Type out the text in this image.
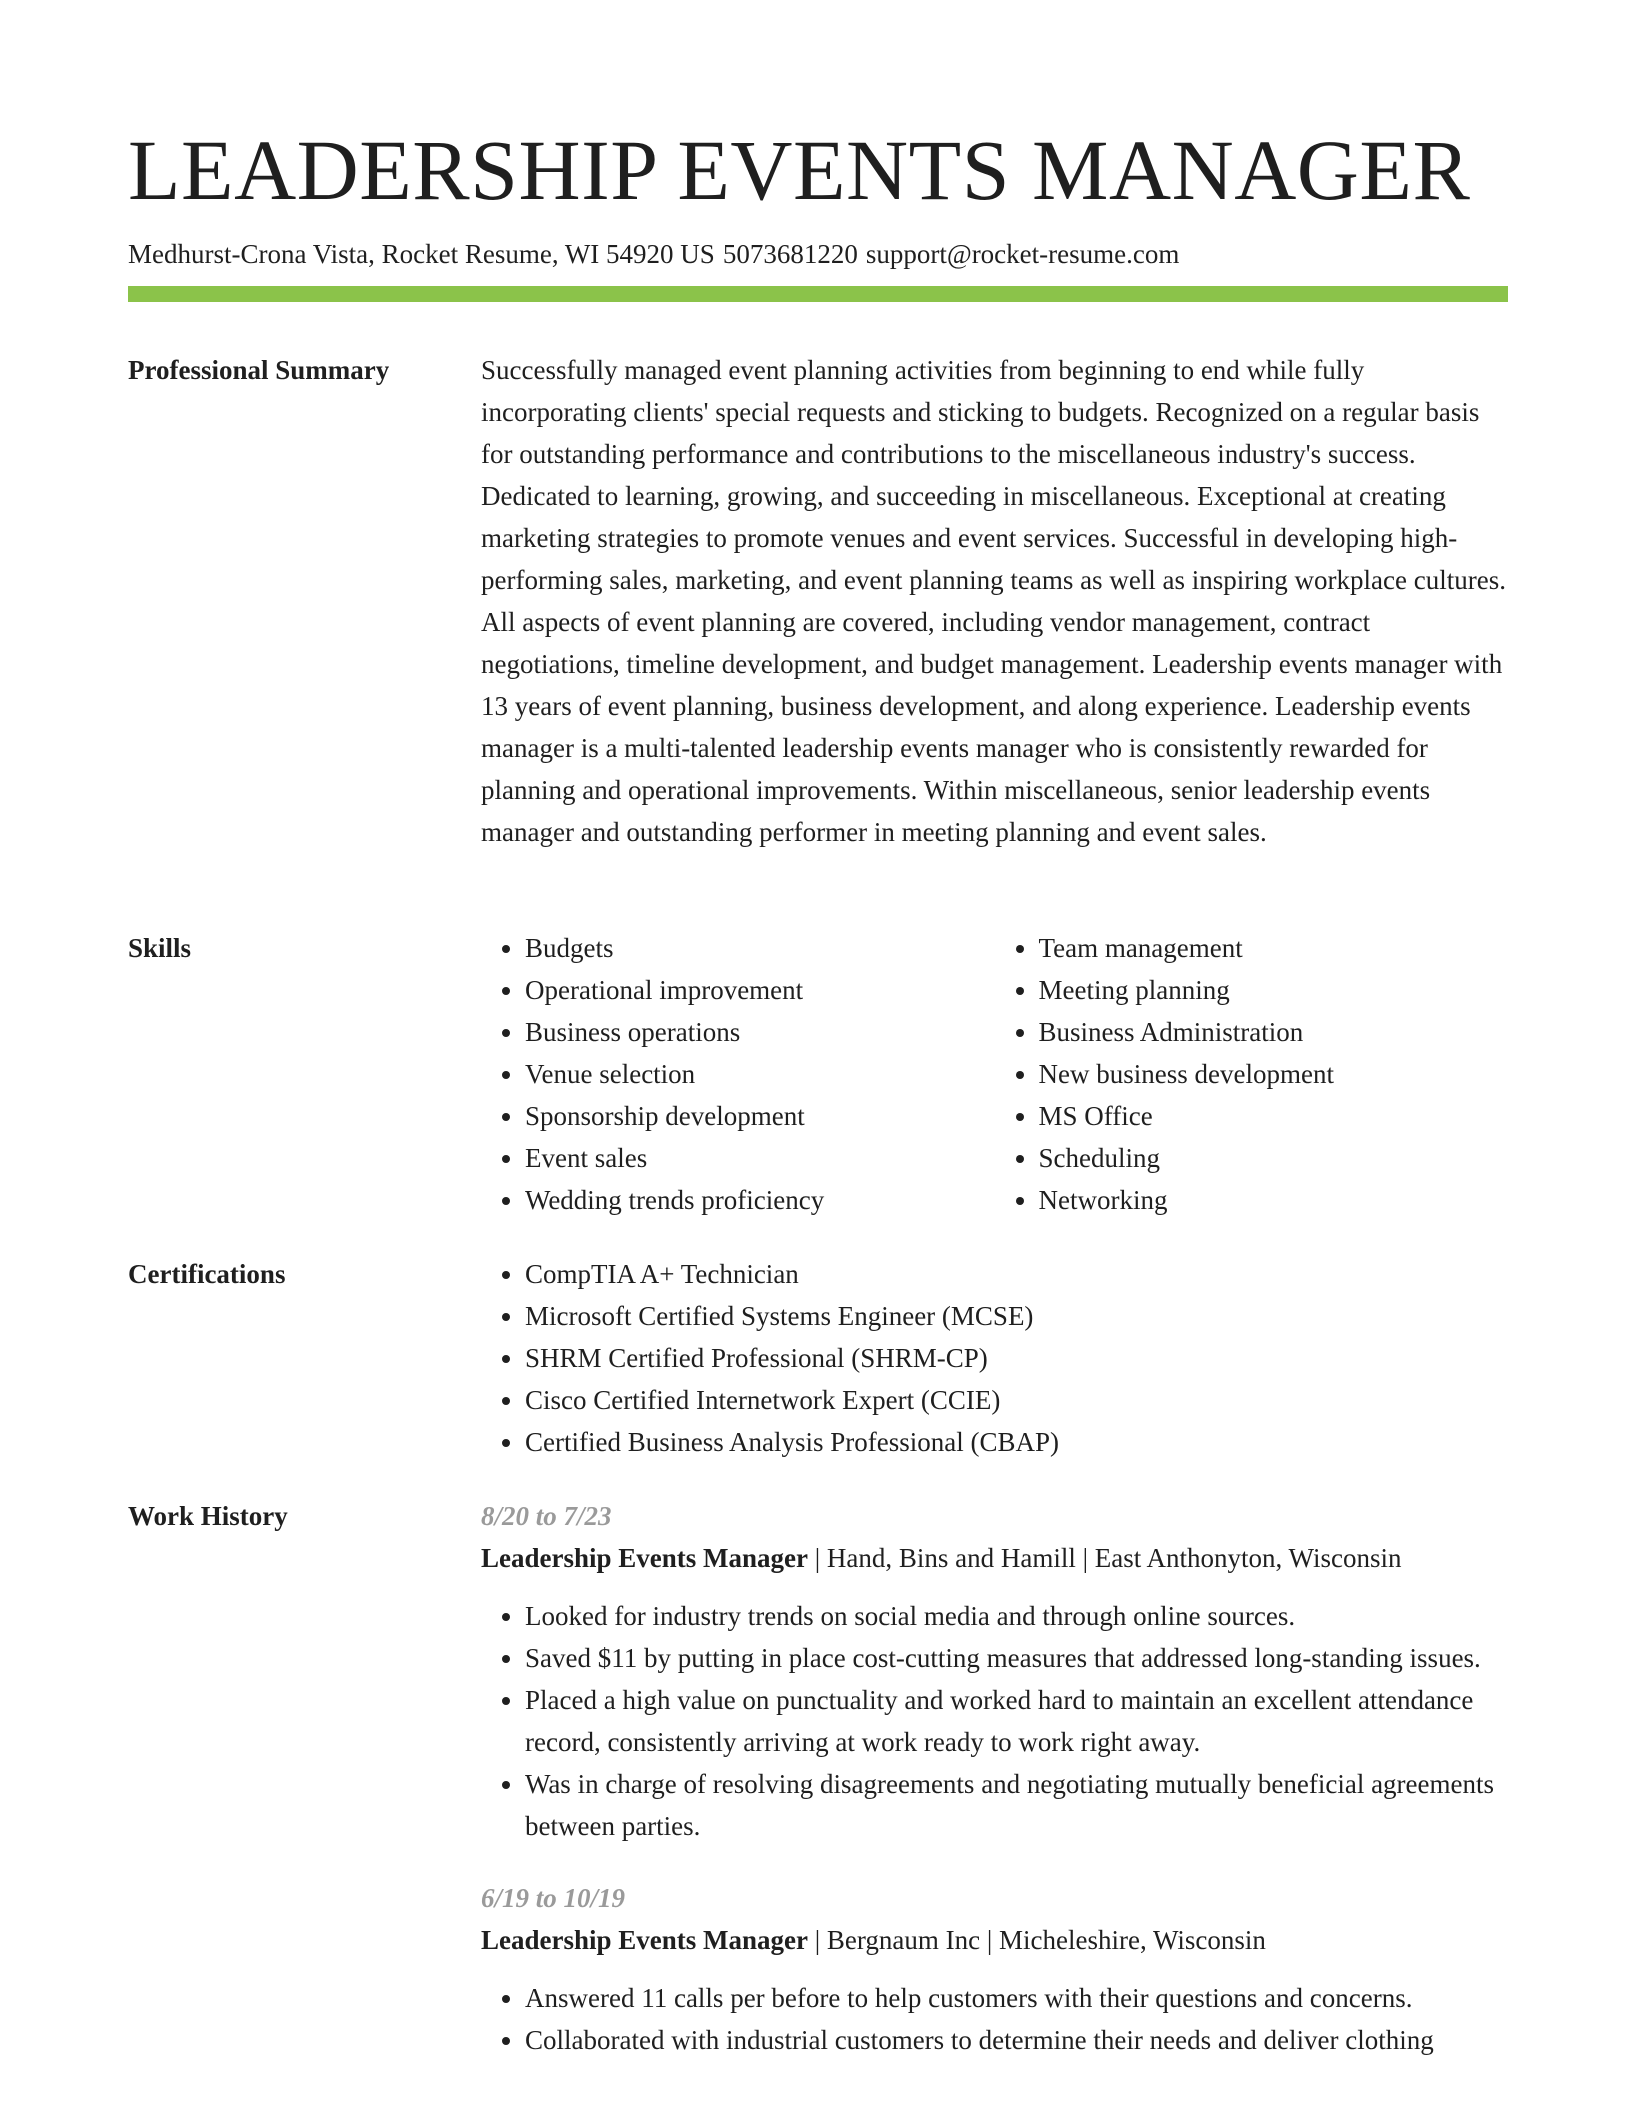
LEADERSHIP EVENTS MANAGER
Medhurst-Crona Vista, Rocket Resume, WI 54920 US 5073681220 support@rocket-resume.com
Professional Summary	Successfully managed event planning activities from beginning to end while fully incorporating clients' special requests and sticking to budgets. Recognized on a regular basis for outstanding performance and contributions to the miscellaneous industry's success. Dedicated to learning, growing, and succeeding in miscellaneous. Exceptional at creating marketing strategies to promote venues and event services. Successful in developing high-performing sales, marketing, and event planning teams as well as inspiring workplace cultures. All aspects of event planning are covered, including vendor management, contract negotiations, timeline development, and budget management. Leadership events manager with 13 years of event planning, business development, and along experience. Leadership events manager is a multi-talented leadership events manager who is consistently rewarded for planning and operational improvements. Within miscellaneous, senior leadership events manager and outstanding performer in meeting planning and event sales.

Skills	• Budgets
• Operational improvement
• Business operations
• Venue selection
• Sponsorship development
• Event sales
• Wedding trends proficiency
• Team management
• Meeting planning
• Business Administration
• New business development
• MS Office
• Scheduling
• Networking
Certifications	• CompTIA A+ Technician
• Microsoft Certified Systems Engineer (MCSE)
• SHRM Certified Professional (SHRM-CP)
• Cisco Certified Internetwork Expert (CCIE)
• Certified Business Analysis Professional (CBAP)
Work History	8/20 to 7/23
Leadership Events Manager | Hand, Bins and Hamill | East Anthonyton, Wisconsin
• Looked for industry trends on social media and through online sources.
• Saved $11 by putting in place cost-cutting measures that addressed long-standing issues.
• Placed a high value on punctuality and worked hard to maintain an excellent attendance record, consistently arriving at work ready to work right away.
• Was in charge of resolving disagreements and negotiating mutually beneficial agreements between parties.
6/19 to 10/19
Leadership Events Manager | Bergnaum Inc | Micheleshire, Wisconsin
• Answered 11 calls per before to help customers with their questions and concerns.
• Collaborated with industrial customers to determine their needs and deliver clothing
